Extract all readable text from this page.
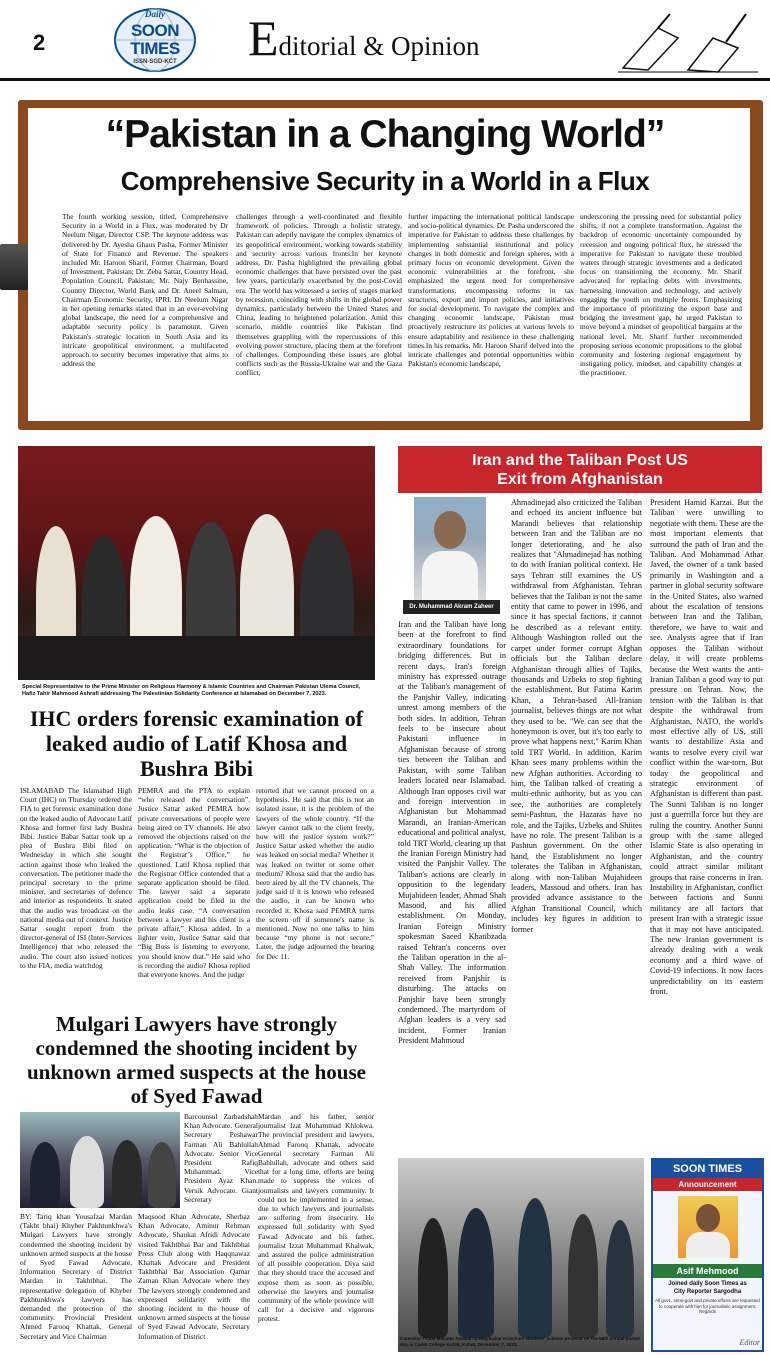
2
Daily
SOON
TIMES
ISSN-SGD-KCT	Editorial & Opinion
“Pakistan in a Changing World”
Comprehensive Security in a World in a Flux
The fourth working session, titled, Comprehensive Security in a World in a Flux, was moderated by Dr Neelum Nigar, Director CSP. The keynote address was delivered by Dr. Ayesha Ghaus Pasha, Former Minister of State for Finance and Revenue. The speakers included Mr. Haroon Sharif, Former Chairman, Board of Investment, Pakistan; Dr. Zeba Sattar, Country Head, Population Council, Pakistan; Mr. Najy Benhassine, Country Director, World Bank and Dr. Aneel Salman, Chairman Economic Security, IPRI. Dr Neelum Nigar in her opening remarks stated that in an ever-evolving global landscape, the need for a comprehensive and adaptable security policy is paramount. Given Pakistan's strategic location in South Asia and its intricate geopolitical environment, a multifaceted approach to security becomes imperative that aims to address the
challenges through a well-coordinated and flexible framework of policies. Through a holistic strategy, Pakistan can adeptly navigate the complex dynamics of its geopolitical environment, working towards stability and security across various fronts.In her keynote address, Dr. Pasha highlighted the prevailing global economic challenges that have persisted over the past few years, particularly exacerbated by the post-Covid era. The world has witnessed a series of stages marked by recession, coinciding with shifts in the global power dynamics, particularly between the United States and China, leading to heightened polarization. Amid this scenario, middle countries like Pakistan find themselves grappling with the repercussions of this evolving power structure, placing them at the forefront of challenges. Compounding these issues are global conflicts such as the Russia-Ukraine war and the Gaza conflict,
further impacting the international political landscape and socio-political dynamics. Dr. Pasha underscored the imperative for Pakistan to address these challenges by implementing substantial institutional and policy changes in both domestic and foreign spheres, with a primary focus on economic development. Given the economic vulnerabilities at the forefront, she emphasized the urgent need for comprehensive transformations, encompassing reforms in tax structures, export and import policies, and initiatives for social development. To navigate the complex and changing economic landscape, Pakistan must proactively restructure its policies at various levels to ensure adaptability and resilience in these challenging times.In his remarks, Mr. Haroon Sharif delved into the intricate challenges and potential opportunities within Pakistan's economic landscape,
underscoring the pressing need for substantial policy shifts, if not a complete transformation. Against the backdrop of economic uncertainty compounded by recession and ongoing political flux, he stressed the imperative for Pakistan to navigate these troubled waters through strategic investments and a dedicated focus on transitioning the economy. Mr. Sharif advocated for replacing debts with investments, harnessing innovation and technology, and actively engaging the youth on multiple fronts. Emphasizing the importance of prioritizing the export base and bridging the investment gap, he urged Pakistan to move beyond a mindset of geopolitical bargains at the national level. Mr. Sharif further recommended proposing serious economic propositions to the global community and fostering regional engagement by instigating policy, mindset, and capability changes at the practitioner.
Special Representative to the Prime Minister on Religious Harmony & Islamic Countries and Chairman Pakistan Ulema Council, Hafiz Tahir Mahmood Ashrafi addressing The Palestinian Solidarity Conference at Islamabad on December 7, 2023.
IHC orders forensic examination of leaked audio of Latif Khosa and Bushra Bibi
ISLAMABAD The Islamabad High Court (IHC) on Thursday ordered the FIA to get forensic examination done on the leaked audio of Advocate Latif Khosa and former first lady Bushra Bibi. Justice Babar Sattar took up a plea of Bushra Bibi filed on Wednesday in which she sought action against those who leaked the conversation. The petitioner made the principal secretary to the prime minister, and secretaries of defence and interior as respondents. It stated that the audio was broadcast on the national media out of context. Justice Sattar sought report from the director-general of ISI (Inter-Services Intelligence) that who released the audio. The court also issued notices to the FIA, media watchdog
PEMRA and the PTA to explain “who released the conversation”. Justice Sattar asked PEMRA how private conversations of people were being aired on TV channels. He also removed the objections raised on the application. “What is the objection of the Registrar’s Office,” he questioned. Latif Khosa replied that the Registrar Office contended that a separate application should be filed. The lawyer said a separate application could be filed in the audio leaks case. “A conversation between a lawyer and his client is a private affair,” Khosa added. In a lighter vein, Justice Sattar said that “Big Boss is listening to everyone, you should know that.” He said who is recording the audio? Khosa replied that everyone knows. And the judge
retorted that we cannot proceed on a hypothesis. He said that this is not an isolated issue, it is the problem of the lawyers of the whole country. “If the lawyer cannot talk to the client freely, how will the justice system work?” Justice Sattar asked whether the audio was leaked on social media? Whether it was leaked on twitter or some other medium? Khosa said that the audio has been aired by all the TV channels. The judge said if it is known who released the audio, it can be known who recorded it. Khosa said PEMRA turns the screen off if someone's name is mentioned. Now no one talks to him because “my phone is not secure.” Later, the judge adjourned the hearing for Dec 11.
Mulgari Lawyers have strongly condemned the shooting incident by unknown armed suspects at the house of Syed Fawad
Barcounsul Zarbadshah Khan Advocate. General Secretary Peshawar Farman Ali Bahlullah Advocate. Senior Vice President Rafiq Muhammad. Vice President Ayaz Khan. Versik Advocate. Giant Secretary
BY: Tariq khan Yousafzai Mardan (Takht bhai) Khyber Pakhtunkhwa's Mulgari Lawyers have strongly condemned the shooting incident by unknown armed suspects at the house of Syed Fawad Advocate, Information Secretary of District Mardan in Takhtbhai. The representative delegation of Khyber Pakhtunkhwa's lawyers has demanded the protection of the community. Provincial President Ahmed Farooq Khattak, General Secretary and Vice Chairman
Maqsood Khan Advocate, Sherbaz Khan Advocate, Aminur Rehman Advocate, Shaukat Afridi Advocate visited Takhtbhai Bar and Takhtbhai Press Club along with Haqqnawaz Khattak Advocate and President Takhtbhai Bar Association Qamar Zaman Khan Advocate where they The lawyers strongly condemned and expressed solidarity with the shooting incident in the house of unknown armed suspects at the house of Syed Fawad Advocate, Secretary Information of District
Mardan and his father, senior journalist Izat Muhammad Khlokwa. The provincial president and lawyers, Ahmad Farooq Khattak, advocate General secretary Farman Ali Bahlullah, advocate and others said that for a long time, efforts are being made to suppress the voices of journalists and lawyers community. It could not be implemented in a sense, due to which lawyers and journalists are suffering from insecurity. He expressed full solidarity with Syed Fawad Advocate and his father, journalist Izzat Muhammad Khalwak, and assured the police administration of all possible cooperation. Diya said that they should trace the accused and expose them as soon as possible, otherwise the lawyers and journalist community of the whole province will call for a decisive and vigorous protest.
Iran and the Taliban Post US
Exit from Afghanistan
Dr. Muhammad Akram Zaheer
Iran and the Taliban have long been at the forefront to find extraordinary foundations for bridging differences. But in recent days, Iran's foreign ministry has expressed outrage at the Taliban's management of the Panjshir Valley, indicating unrest among members of the both sides. In addition, Tehran feels to be insecure about Pakistani influence in Afghanistan because of strong ties between the Taliban and Pakistan, with some Taliban leaders located near Islamabad. Although Iran opposes civil war and foreign intervention in Afghanistan but Mohammad Marandi, an Iranian-American educational and political analyst, told TRT World, clearing up that the Iranian Foreign Ministry had visited the Panjshir Valley. The Taliban's actions are clearly in opposition to the legendary Mujahideen leader, Ahmad Shah Masood, and his allied establishment. On Monday, Iranian Foreign Ministry spokesman Saeed Khatibzada raised Tehran's concerns over the Taliban operation in the al-Shab Valley. The information received from Panjshir is disturbing. The attacks on Panjshir have been strongly condemned. The martyrdom of Afghan leaders is a very sad incident. Former Iranian President Mahmoud
Ahmadinejad also criticized the Taliban and echoed its ancient influence but Marandi believes that relationship between Iran and the Taliban are no longer deteriorating, and he also realizes that "Ahmadinejad has nothing to do with Iranian political context. He says Tehran still examines the US withdrawal from Afghanistan. Tehran believes that the Taliban is not the same entity that came to power in 1996, and since it has special factions, it cannot be described as a relevant entity. Although Washington rolled out the carpet under former corrupt Afghan officials but the Taliban declare Afghanistan through allies of Tajiks, thousands and Uzbeks to stop fighting the establishment. But Fatima Karim Khan, a Tehran-based All-Iranian journalist, believes things are not what they used to be. "We can see that the honeymoon is over, but it's too early to prove what happens next," Karim Khan told TRT World. In addition, Karim Khan sees many problems within the new Afghan authorities. According to him, the Taliban talked of creating a multi-ethnic authority, but as you can see, the authorities are completely semi-Pashtun, the Hazaras have no role, and the Tajiks, Uzbeks and Shiites have no role. The present Taliban is a Pashtun government. On the other hand, the Establishment no longer tolerates the Taliban in Afghanistan, along with non-Taliban Mujahideen leaders, Massoud and others. Iran has provided advance assistance to the Afghan Transitional Council, which includes key figures in addition to former
President Hamid Karzai. But the Taliban were unwilling to negotiate with them. These are the most important elements that surround the path of Iran and the Taliban. And Mohammad Athar Javed, the owner of a tank based primarily in Washington and a partner in global security software in the United States, also warned about the escalation of tensions between Iran and the Taliban, therefore, we have to wait and see. Analysts agree that if Iran opposes the Taliban without delay, it will create problems because the West wants the anti-Iranian Taliban a good way to put pressure on Tehran. Now, the tension with the Taliban is that despite the withdrawal from Afghanistan, NATO, the world's most effective ally of US, still wants to destabilize Asia and wants to resolve every civil war conflict within the war-torn. But today the geopolitical and strategic environment of Afghanistan is different than past. The Sunni Taliban is no longer just a guerrilla force but they are ruling the country. Another Sunni group with the same alleged Islamic State is also operating in Afghanistan, and the country could attract similar militant groups that raise concerns in Iran. Instability in Afghanistan, conflict between factions and Sunni militancy are all factors that present Iran with a strategic issue that it may not have anticipated. The new Iranian government is already dealing with a weak economy and a third wave of Covid-19 infections. It now faces unpredictability on its eastern front.
Caretaker Prime Minister Anwaar-ul-Haq Kakar examines students' science projects on the 58th annual parent day in Cadet College Kohat, Kohat, December 7, 2023.
SOON TIMES
Announcement
Asif Mehmood
Joined daily Soon Times as
City Reporter Sargodha
All govt., semi-govt and private offices are requested to cooperate with him for journalistic assignment. Regards
Editor
